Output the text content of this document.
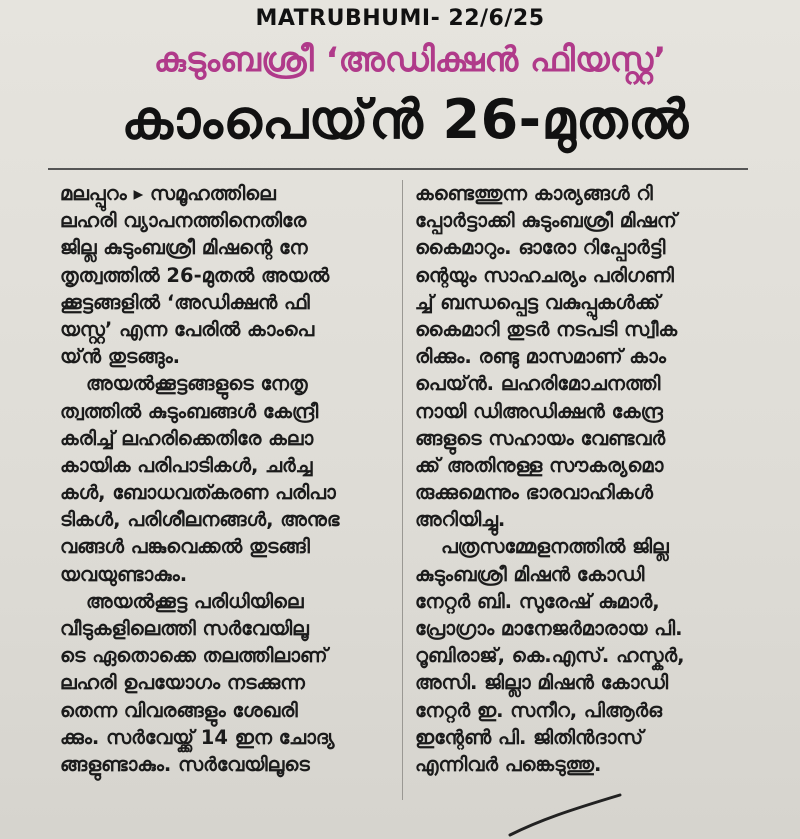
MATRUBHUMI- 22/6/25
കുടുംബശ്രീ ‘അഡിക്ഷൻ ഫിയസ്റ്റ’
കാംപെയ്ൻ 26-മുതൽ

മലപ്പുറം ▸ സമൂഹത്തിലെ
ലഹരി വ്യാപനത്തിനെതിരേ
ജില്ല കുടുംബശ്രീ മിഷന്റെ നേ
തൃത്വത്തിൽ 26-മുതൽ അയൽ
ക്കൂട്ടങ്ങളിൽ ‘അഡിക്ഷൻ ഫി
യസ്റ്റ’ എന്ന പേരിൽ കാംപെ
യ്ൻ തുടങ്ങും.

അയൽക്കൂട്ടങ്ങളുടെ നേതൃ
ത്വത്തിൽ കുടുംബങ്ങൾ കേന്ദ്രീ
കരിച്ച് ലഹരിക്കെതിരേ കലാ
കായിക പരിപാടികൾ, ചർച്ച
കൾ, ബോധവത്കരണ പരിപാ
ടികൾ, പരിശീലനങ്ങൾ, അനുഭ
വങ്ങൾ പങ്കുവെക്കൽ തുടങ്ങി
യവയുണ്ടാകും.

അയൽക്കൂട്ട പരിധിയിലെ
വീടുകളിലെത്തി സർവേയിലൂ
ടെ ഏതൊക്കെ തലത്തിലാണ്
ലഹരി ഉപയോഗം നടക്കുന്ന
തെന്ന വിവരങ്ങളും ശേഖരി
ക്കും. സർവേയ്ക്ക് 14 ഇന ചോദ്യ
ങ്ങളുണ്ടാകും. സർവേയിലൂടെ

കണ്ടെത്തുന്ന കാര്യങ്ങൾ റി
പ്പോർട്ടാക്കി കുടുംബശ്രീ മിഷന്
കൈമാറും. ഓരോ റിപ്പോർട്ടി
ന്റെയും സാഹചര്യം പരിഗണി
ച്ച് ബന്ധപ്പെട്ട വകുപ്പുകൾക്ക്
കൈമാറി തുടർ നടപടി സ്വീക
രിക്കും. രണ്ടു മാസമാണ് കാം
പെയ്ൻ. ലഹരിമോചനത്തി
നായി ഡിഅഡിക്ഷൻ കേന്ദ്ര
ങ്ങളുടെ സഹായം വേണ്ടവർ
ക്ക് അതിനുള്ള സൗകര്യമൊ
രുക്കുമെന്നും ഭാരവാഹികൾ
അറിയിച്ചു.

പത്രസമ്മേളനത്തിൽ ജില്ല
കുടുംബശ്രീ മിഷൻ കോഡി
നേറ്റർ ബി. സുരേഷ് കുമാർ,
പ്രോഗ്രാം മാനേജർമാരായ പി.
റൂബിരാജ്, കെ.എസ്. ഹസ്കർ,
അസി. ജില്ലാ മിഷൻ കോഡി
നേറ്റർ ഇ. സനീറ, പിആർഒ
ഇന്റേൺ പി. ജിതിൻദാസ്
എന്നിവർ പങ്കെടുത്തു.
